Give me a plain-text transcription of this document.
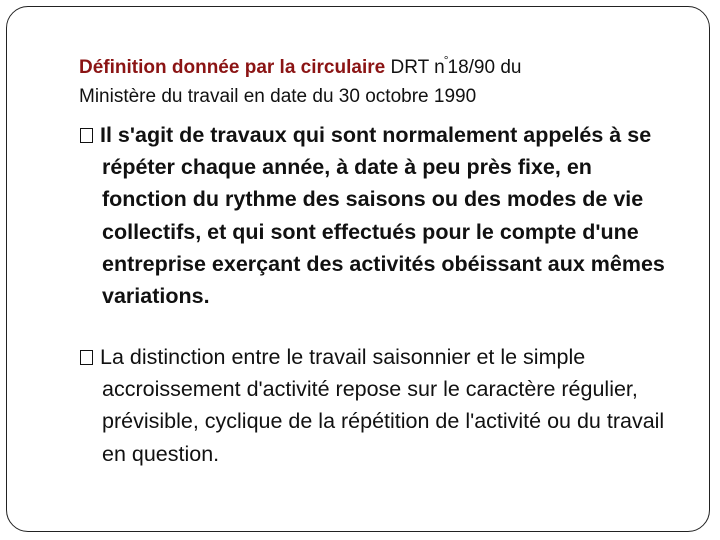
Définition donnée par la circulaire DRT n°18/90 du
Ministère du travail en date du 30 octobre 1990
Il s'agit de travaux qui sont normalement appelés à se répéter chaque année, à date à peu près fixe, en fonction du rythme des saisons ou des modes de vie collectifs, et qui sont effectués pour le compte d'une entreprise exerçant des activités obéissant aux mêmes variations.
La distinction entre le travail saisonnier et le simple accroissement d'activité repose sur le caractère régulier, prévisible, cyclique de la répétition de l'activité ou du travail en question.
